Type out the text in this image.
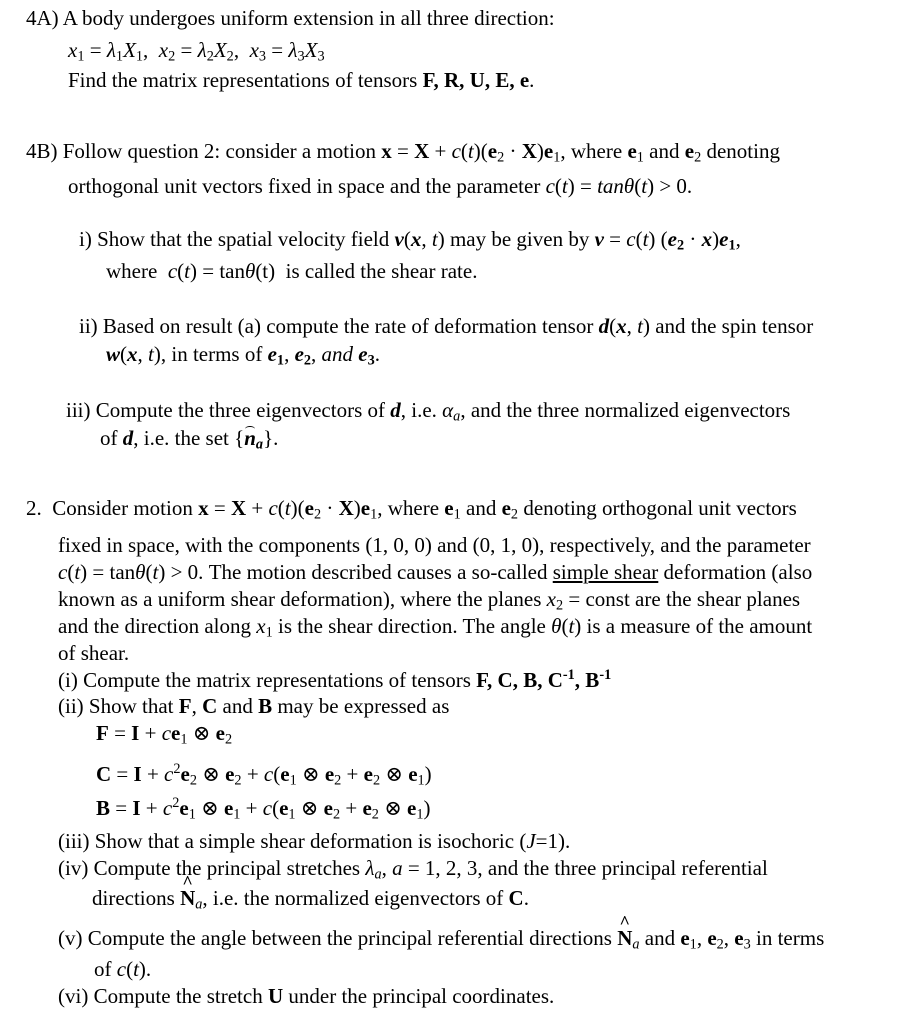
4A) A body undergoes uniform extension in all three direction:
$x_1 = \lambda_1X_1$,  $x_2 = \lambda_2X_2$,  $x_3 = \lambda_3X_3$
Find the matrix representations of tensors F, R, U, E, e.
4B) Follow question 2: consider a motion $x = X + c(t)(e_2 \cdot X)e_1$, where $e_1$ and $e_2$ denoting
orthogonal unit vectors fixed in space and the parameter c(t) = tanθ(t) > 0.
i) Show that the spatial velocity field v(x, t) may be given by v = c(t) $(e_2 \cdot x)e_1$,
where c(t) = tanθ(t)  is called the shear rate.
ii) Based on result (a) compute the rate of deformation tensor d(x, t) and the spin tensor
w(x, t), in terms of $e_1$, $e_2$, and $e_3$.
iii) Compute the three eigenvectors of d, i.e. $\alpha_a$, and the three normalized eigenvectors
of d, i.e. the set $\{n_a\}$.
2. Consider motion $x = X + c(t)(e_2 \cdot X)e_1$, where $e_1$ and $e_2$ denoting orthogonal unit vectors
fixed in space, with the components (1, 0, 0) and (0, 1, 0), respectively, and the parameter
c(t) = tanθ(t) > 0. The motion described causes a so-called simple shear deformation (also
known as a uniform shear deformation), where the planes $x_2$ = const are the shear planes
and the direction along $x_1$ is the shear direction. The angle θ(t) is a measure of the amount
of shear.
(i) Compute the matrix representations of tensors F, C, B, $C^{-1}$, $B^{-1}$
(ii) Show that F, C and B may be expressed as
$F = I + ce_1$ ⊗ $e_2$
$C = I + c^2e_2$ ⊗ $e_2 + c(e_1$ ⊗ $e_2 + e_2$ ⊗ $e_1$)
$B = I + c^2e_1$ ⊗ $e_1 + c(e_1$ ⊗ $e_2 + e_2$ ⊗ $e_1$)
(iii) Show that a simple shear deformation is isochoric (J=1).
(iv) Compute the principal stretches $\lambda_a$, a = 1, 2, 3, and the three principal referential
directions ^ $N_a$, i.e. the normalized eigenvectors of C.
(v) Compute the angle between the principal referential directions ^ $N_a$ and $e_1$, $e_2$, $e_3$ in terms
of c(t).
(vi) Compute the stretch U under the principal coordinates.
